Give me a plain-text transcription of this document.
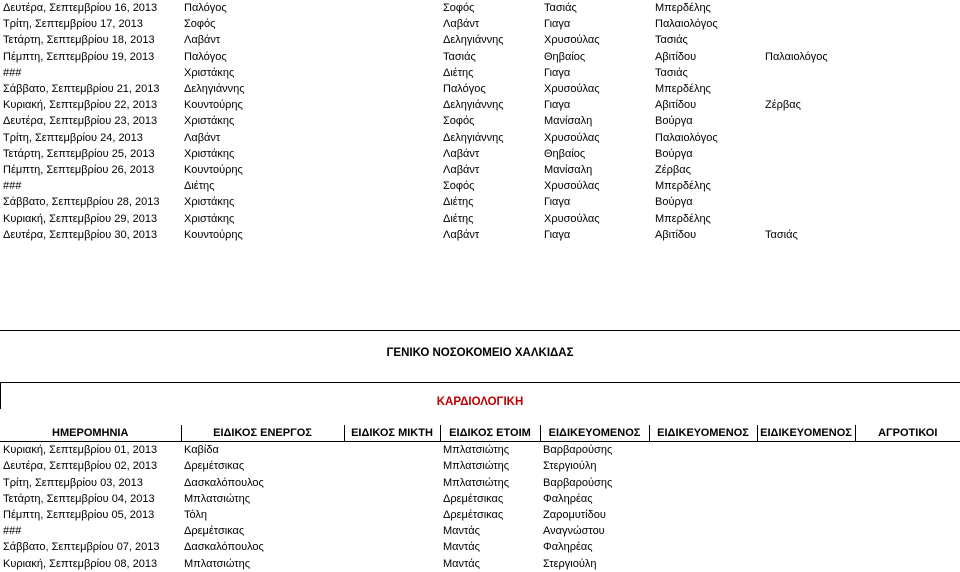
Δευτέρα, Σεπτεμβρίου 16, 2013	Παλόγος	Σοφός	Τασιάς	Μπερδέλης	
Τρίτη, Σεπτεμβρίου 17, 2013	Σοφός	Λαβάντ	Γιαγα	Παλαιολόγος	
Τετάρτη, Σεπτεμβρίου 18, 2013	Λαβάντ	Δεληγιάννης	Χρυσούλας	Τασιάς	
Πέμπτη, Σεπτεμβρίου 19, 2013	Παλόγος	Τασιάς	Θηβαίος	Αβιτίδου	Παλαιολόγος
###	Χριστάκης	Διέτης	Γιαγα	Τασιάς	
Σάββατο, Σεπτεμβρίου 21, 2013	Δεληγιάννης	Παλόγος	Χρυσούλας	Μπερδέλης	
Κυριακή, Σεπτεμβρίου 22, 2013	Κουντούρης	Δεληγιάννης	Γιαγα	Αβιτίδου	Ζέρβας
Δευτέρα, Σεπτεμβρίου 23, 2013	Χριστάκης	Σοφός	Μανίσαλη	Βούργα	
Τρίτη, Σεπτεμβρίου 24, 2013	Λαβάντ	Δεληγιάννης	Χρυσούλας	Παλαιολόγος	
Τετάρτη, Σεπτεμβρίου 25, 2013	Χριστάκης	Λαβάντ	Θηβαίος	Βούργα	
Πέμπτη, Σεπτεμβρίου 26, 2013	Κουντούρης	Λαβάντ	Μανίσαλη	Ζέρβας	
###	Διέτης	Σοφός	Χρυσούλας	Μπερδέλης	
Σάββατο, Σεπτεμβρίου 28, 2013	Χριστάκης	Διέτης	Γιαγα	Βούργα	
Κυριακή, Σεπτεμβρίου 29, 2013	Χριστάκης	Διέτης	Χρυσούλας	Μπερδέλης	
Δευτέρα, Σεπτεμβρίου 30, 2013	Κουντούρης	Λαβάντ	Γιαγα	Αβιτίδου	Τασιάς
ΓΕΝΙΚΟ ΝΟΣΟΚΟΜΕΙΟ ΧΑΛΚΙΔΑΣ
ΚΑΡΔΙΟΛΟΓΙΚΗ
ΗΜΕΡΟΜΗΝΙΑ	ΕΙΔΙΚΟΣ ΕΝΕΡΓΟΣ	ΕΙΔΙΚΟΣ ΜΙΚΤΗ	ΕΙΔΙΚΟΣ ΕΤΟΙΜ	ΕΙΔΙΚΕΥΟΜΕΝΟΣ	ΕΙΔΙΚΕΥΟΜΕΝΟΣ	ΕΙΔΙΚΕΥΟΜΕΝΟΣ	ΑΓΡΟΤΙΚΟΙ
Κυριακή, Σεπτεμβρίου 01, 2013	Καβίδα		Μπλατσιώτης	Βαρβαρούσης			
Δευτέρα, Σεπτεμβρίου 02, 2013	Δρεμέτσικας		Μπλατσιώτης	Στεργιούλη			
Τρίτη, Σεπτεμβρίου 03, 2013	Δασκαλόπουλος		Μπλατσιώτης	Βαρβαρούσης			
Τετάρτη, Σεπτεμβρίου 04, 2013	Μπλατσιώτης		Δρεμέτσικας	Φαληρέας			
Πέμπτη, Σεπτεμβρίου 05, 2013	Τόλη		Δρεμέτσικας	Ζαρομυτίδου			
###	Δρεμέτσικας		Μαντάς	Αναγνώστου			
Σάββατο, Σεπτεμβρίου 07, 2013	Δασκαλόπουλος		Μαντάς	Φαληρέας			
Κυριακή, Σεπτεμβρίου 08, 2013	Μπλατσιώτης		Μαντάς	Στεργιούλη			
